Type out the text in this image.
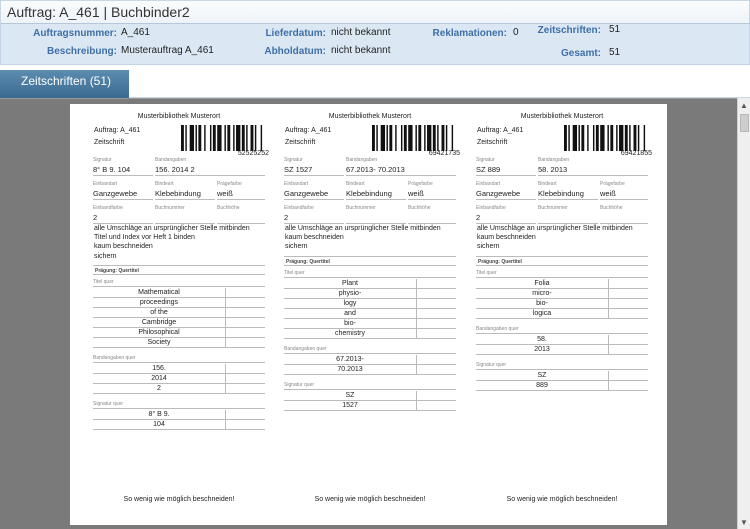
Auftrag: A_461 | Buchbinder2
Auftragsnummer: A_461
Beschreibung: Musterauftrag A_461
Lieferdatum: nicht bekannt
Abholdatum: nicht bekannt
Reklamationen: 0 Zeitschriften: 51
Gesamt: 51
Zeitschriften (51)
▲
▼
Musterbibliothek Musterort
Auftrag: A_461
Zeitschrift
52525252
Signatur
8° B 9. 104
Bandangaben
156. 2014 2
Einbandart
Ganzgewebe
Bindeart
Klebebindung
Prägefarbe
weiß
Einbandfarbe
2
Buchnummer	Buchhöhe
alle Umschläge an ursprünglicher Stelle mitbinden
Titel und Index vor Heft 1 binden
kaum beschneiden
sichern
Prägung: Quertitel
Titel quer
Mathematical
proceedings
of the
Cambridge
Philosophical
Society
Bandangaben quer
156.
2014
2
Signatur quer
8° B 9.
104
So wenig wie möglich beschneiden!
Musterbibliothek Musterort
Auftrag: A_461
Zeitschrift
69421735
Signatur
SZ 1527
Bandangaben
67.2013- 70.2013
Einbandart
Ganzgewebe
Bindeart
Klebebindung
Prägefarbe
weiß
Einbandfarbe
2
Buchnummer	Buchhöhe
alle Umschläge an ursprünglicher Stelle mitbinden
kaum beschneiden
sichern
Prägung: Quertitel
Titel quer
Plant
physio-
logy
and
bio-
chemistry
Bandangaben quer
67.2013-
70.2013
Signatur quer
SZ
1527
So wenig wie möglich beschneiden!
Musterbibliothek Musterort
Auftrag: A_461
Zeitschrift
69421855
Signatur
SZ 889
Bandangaben
58. 2013
Einbandart
Ganzgewebe
Bindeart
Klebebindung
Prägefarbe
weiß
Einbandfarbe
2
Buchnummer	Buchhöhe
alle Umschläge an ursprünglicher Stelle mitbinden
kaum beschneiden
sichern
Prägung: Quertitel
Titel quer
Folia
micro-
bio-
logica
Bandangaben quer
58.
2013
Signatur quer
SZ
889
So wenig wie möglich beschneiden!
